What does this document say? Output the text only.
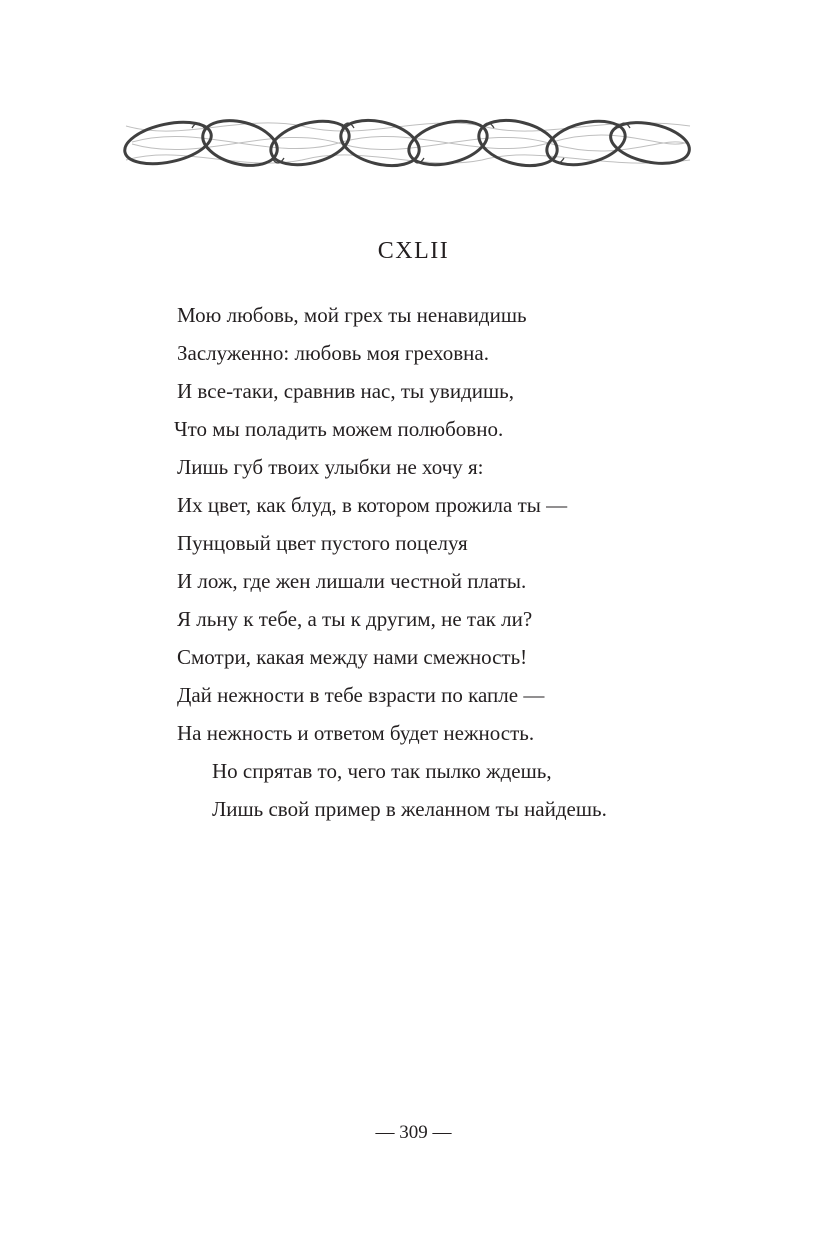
CXLII
Мою любовь, мой грех ты ненавидишь
Заслуженно: любовь моя греховна.
И все-таки, сравнив нас, ты увидишь,
Что мы поладить можем полюбовно.
Лишь губ твоих улыбки не хочу я:
Их цвет, как блуд, в котором прожила ты —
Пунцовый цвет пустого поцелуя
И лож, где жен лишали честной платы.
Я льну к тебе, а ты к другим, не так ли?
Смотри, какая между нами смежность!
Дай нежности в тебе взрасти по капле —
На нежность и ответом будет нежность.
Но спрятав то, чего так пылко ждешь,
Лишь свой пример в желанном ты найдешь.
— 309 —
